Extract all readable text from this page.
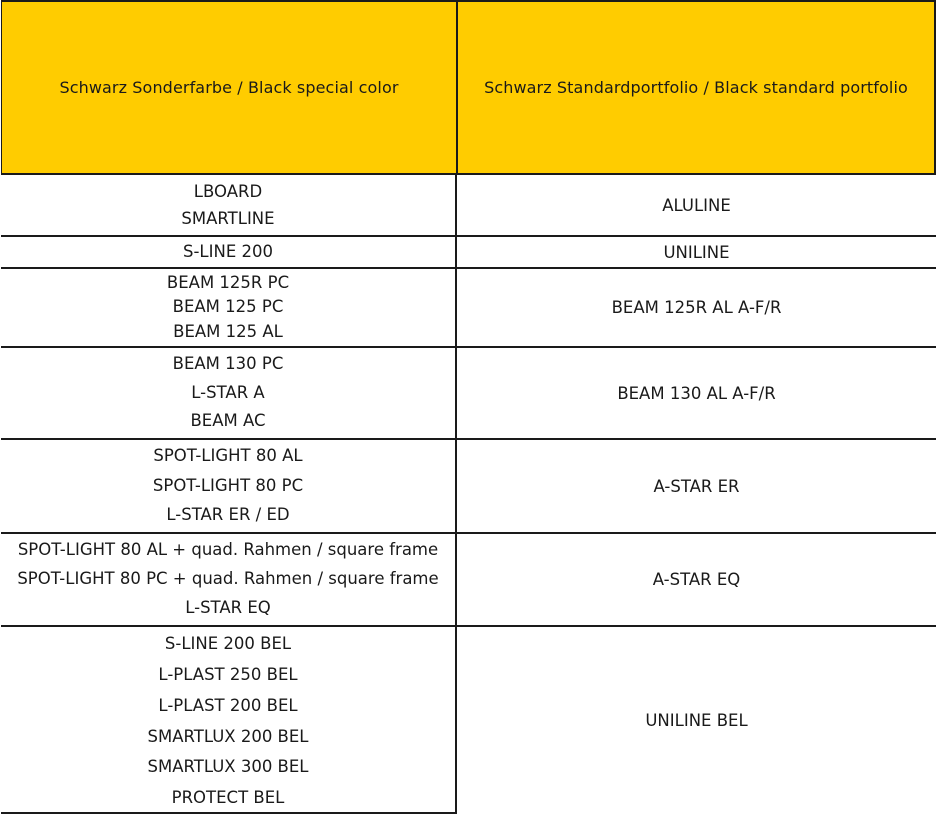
Schwarz Sonderfarbe / Black special color	Schwarz Standardportfolio / Black standard portfolio
LBOARD
SMARTLINE
ALULINE
S-LINE 200	UNILINE
BEAM 125R PC
BEAM 125 PC
BEAM 125 AL
BEAM 125R AL A-F/R
BEAM 130 PC
L-STAR A
BEAM AC
BEAM 130 AL A-F/R
SPOT-LIGHT 80 AL
SPOT-LIGHT 80 PC
L-STAR ER / ED
A-STAR ER
SPOT-LIGHT 80 AL + quad. Rahmen / square frame
SPOT-LIGHT 80 PC + quad. Rahmen / square frame
L-STAR EQ
A-STAR EQ
S-LINE 200 BEL
L-PLAST 250 BEL
L-PLAST 200 BEL
SMARTLUX 200 BEL
SMARTLUX 300 BEL
PROTECT BEL
UNILINE BEL
